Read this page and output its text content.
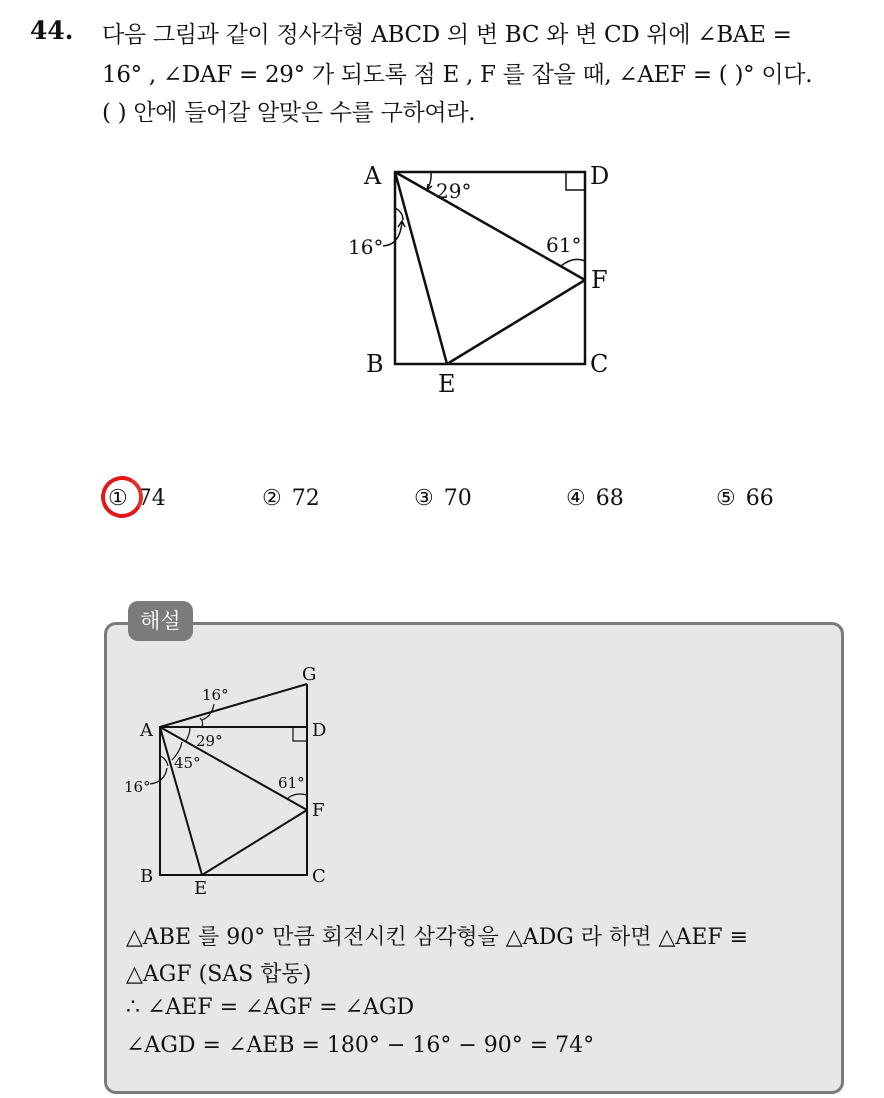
44. 다음 그림과 같이 정사각형 ABCD 의 변 BC 와 변 CD 위에 ∠BAE =
16° , ∠DAF = 29° 가 되도록 점 E , F 를 잡을 때, ∠AEF = ( )° 이다.
( ) 안에 들어갈 알맞은 수를 구하여라.
A	D
B	C
E
F
29°
16°	61°
① 74	② 72	③ 70	④ 68	⑤ 66
해설
A	D
G
B	C
E
F
16°
29°
45°
16°	61°
△ABE 를 90° 만큼 회전시킨 삼각형을 △ADG 라 하면 △AEF ≡
△AGF (SAS 합동)
∴ ∠AEF = ∠AGF = ∠AGD
∠AGD = ∠AEB = 180° − 16° − 90° = 74°
